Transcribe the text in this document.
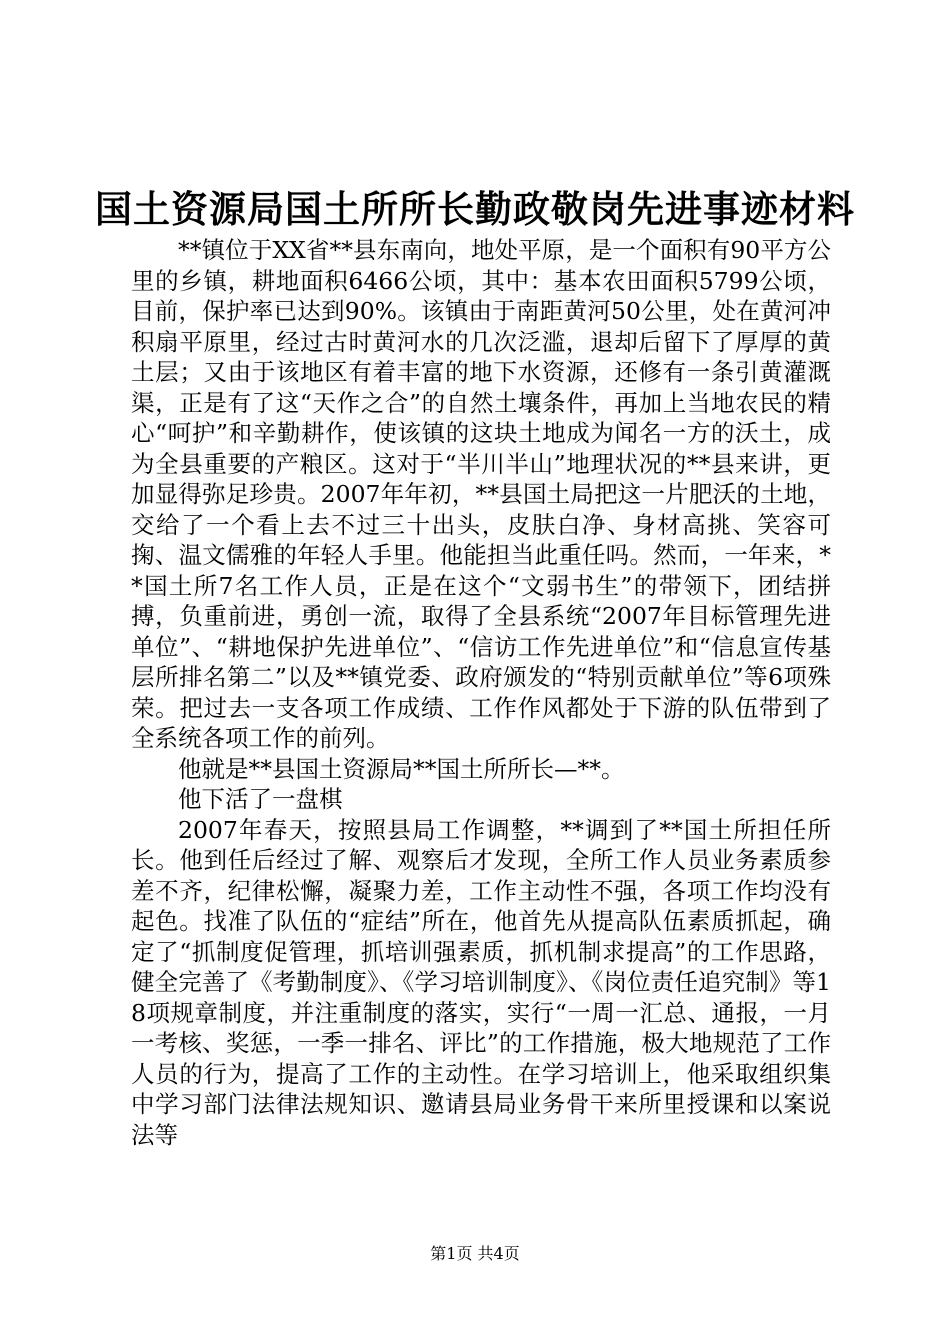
国土资源局国土所所长勤政敬岗先进事迹材料

**镇位于XX省**县东南向，地处平原，是一个面积有90平方公里的乡镇，耕地面积6466公顷，其中：基本农田面积5799公顷，目前，保护率已达到90%。该镇由于南距黄河50公里，处在黄河冲积扇平原里，经过古时黄河水的几次泛滥，退却后留下了厚厚的黄土层；又由于该地区有着丰富的地下水资源，还修有一条引黄灌溉渠，正是有了这“天作之合”的自然土壤条件，再加上当地农民的精心“呵护”和辛勤耕作，使该镇的这块土地成为闻名一方的沃土，成为全县重要的产粮区。这对于“半川半山”地理状况的**县来讲，更加显得弥足珍贵。2007年年初，**县国土局把这一片肥沃的土地，交给了一个看上去不过三十出头，皮肤白净、身材高挑、笑容可掬、温文儒雅的年轻人手里。他能担当此重任吗。然而，一年来，**国土所7名工作人员，正是在这个“文弱书生”的带领下，团结拼搏，负重前进，勇创一流，取得了全县系统“2007年目标管理先进单位”、“耕地保护先进单位”、“信访工作先进单位”和“信息宣传基层所排名第二”以及**镇党委、政府颁发的“特别贡献单位”等6项殊荣。把过去一支各项工作成绩、工作作风都处于下游的队伍带到了全系统各项工作的前列。

他就是**县国土资源局**国土所所长—**。

他下活了一盘棋

2007年春天，按照县局工作调整，**调到了**国土所担任所长。他到任后经过了解、观察后才发现，全所工作人员业务素质参差不齐，纪律松懈，凝聚力差，工作主动性不强，各项工作均没有起色。找准了队伍的“症结”所在，他首先从提高队伍素质抓起，确定了“抓制度促管理，抓培训强素质，抓机制求提高”的工作思路，健全完善了《考勤制度》、《学习培训制度》、《岗位责任追究制》等18项规章制度，并注重制度的落实，实行“一周一汇总、通报，一月一考核、奖惩，一季一排名、评比”的工作措施，极大地规范了工作人员的行为，提高了工作的主动性。在学习培训上，他采取组织集中学习部门法律法规知识、邀请县局业务骨干来所里授课和以案说法等

第1页 共4页
